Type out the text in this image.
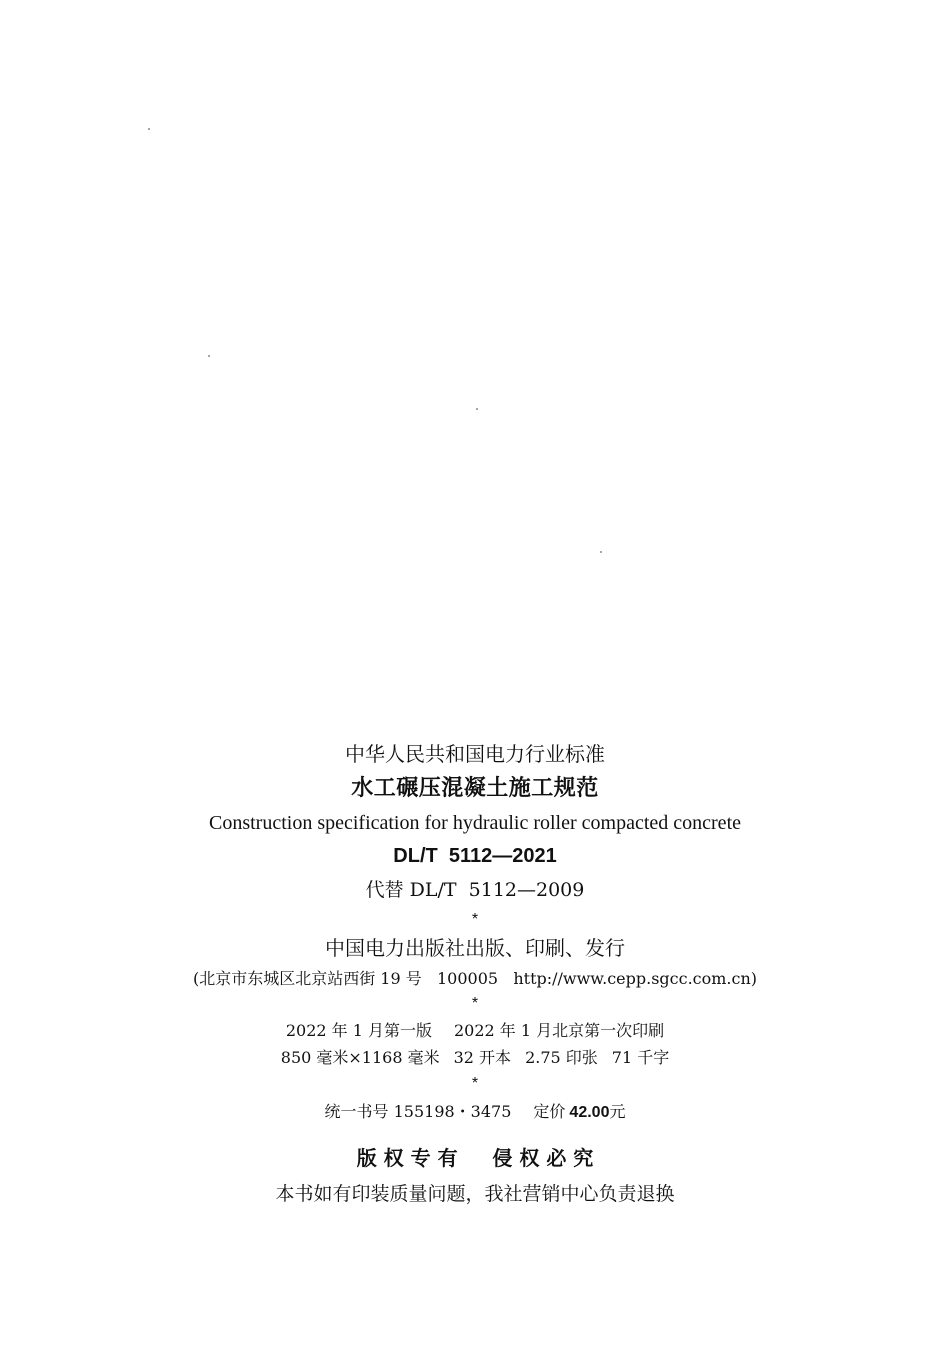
中华人民共和国电力行业标准
水工碾压混凝土施工规范
Construction specification for hydraulic roller compacted concrete
DL/T  5112—2021
代替 DL/T  5112—2009
*
中国电力出版社出版、印刷、发行
(北京市东城区北京站西街 19 号   100005   http://www.cepp.sgcc.com.cn)
*
2022 年 1 月第一版 2022 年 1 月北京第一次印刷
850 毫米×1168 毫米 32 开本 2.75 印张 71 千字
*
统一书号 155198・3475 定价 42.00元
版 权 专 有     侵 权 必 究
本书如有印装质量问题，我社营销中心负责退换
